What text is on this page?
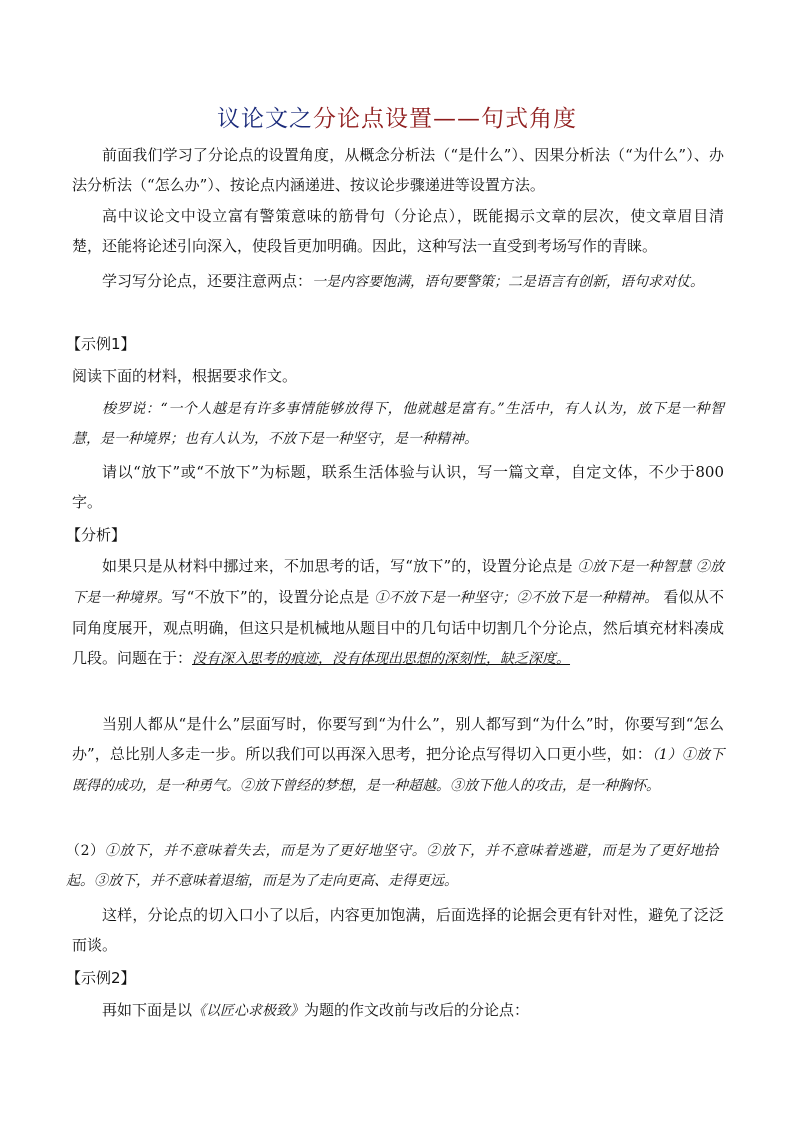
议论文之分论点设置——句式角度

前面我们学习了分论点的设置角度，从概念分析法（“是什么”）、因果分析法（“为什么”）、办法分析法（“怎么办”）、按论点内涵递进、按议论步骤递进等设置方法。

高中议论文中设立富有警策意味的筋骨句（分论点），既能揭示文章的层次，使文章眉目清楚，还能将论述引向深入，使段旨更加明确。因此，这种写法一直受到考场写作的青睐。

学习写分论点，还要注意两点：一是内容要饱满，语句要警策；二是语言有创新，语句求对仗。

【示例1】

阅读下面的材料，根据要求作文。

梭罗说：“一个人越是有许多事情能够放得下，他就越是富有。”生活中，有人认为，放下是一种智慧，是一种境界；也有人认为，不放下是一种坚守，是一种精神。

请以“放下”或“不放下”为标题，联系生活体验与认识，写一篇文章，自定文体，不少于800字。

【分析】

如果只是从材料中挪过来，不加思考的话，写“放下”的，设置分论点是 ①放下是一种智慧 ②放下是一种境界。写“不放下”的，设置分论点是 ①不放下是一种坚守；②不放下是一种精神。 看似从不同角度展开，观点明确，但这只是机械地从题目中的几句话中切割几个分论点，然后填充材料凑成几段。问题在于：没有深入思考的痕迹，没有体现出思想的深刻性，缺乏深度。

当别人都从“是什么”层面写时，你要写到“为什么”，别人都写到“为什么”时，你要写到“怎么办”，总比别人多走一步。所以我们可以再深入思考，把分论点写得切入口更小些，如：（1）①放下既得的成功，是一种勇气。②放下曾经的梦想，是一种超越。③放下他人的攻击，是一种胸怀。

（2）①放下，并不意味着失去，而是为了更好地坚守。②放下，并不意味着逃避，而是为了更好地拾起。③放下，并不意味着退缩，而是为了走向更高、走得更远。

这样，分论点的切入口小了以后，内容更加饱满，后面选择的论据会更有针对性，避免了泛泛而谈。

【示例2】

再如下面是以《以匠心求极致》为题的作文改前与改后的分论点：
